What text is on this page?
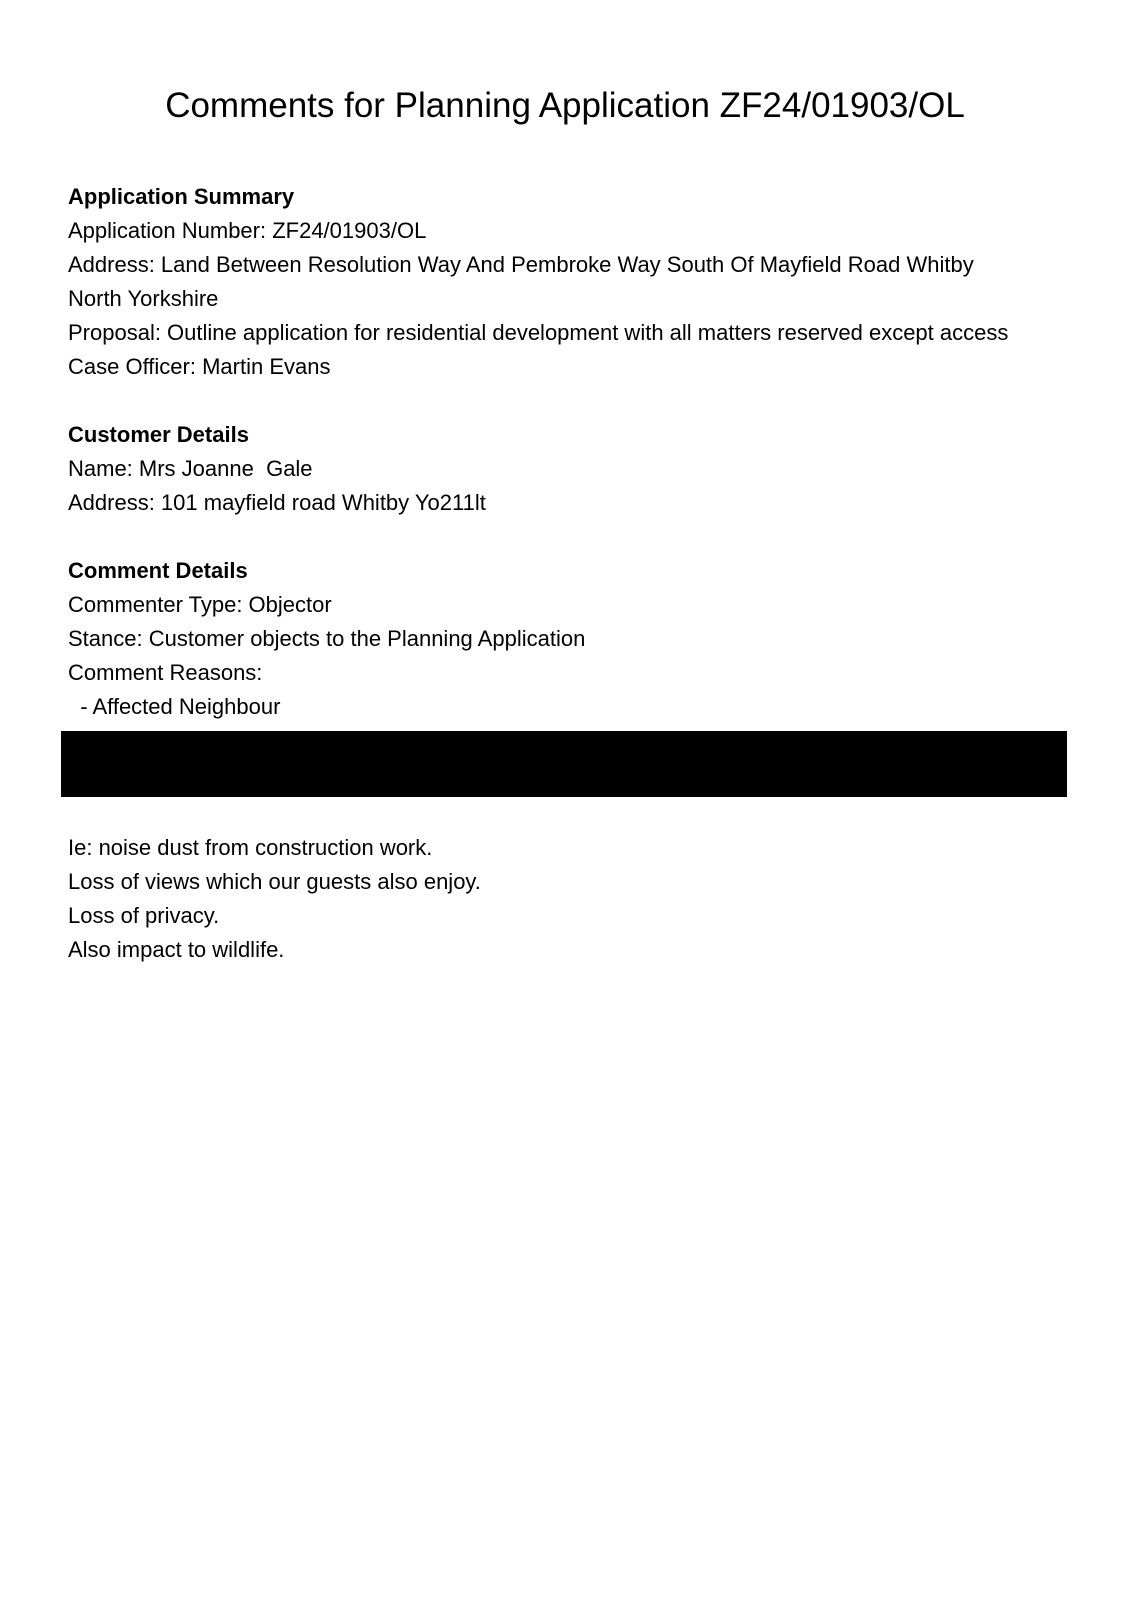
Comments for Planning Application ZF24/01903/OL

Application Summary

Application Number: ZF24/01903/OL

Address: Land Between Resolution Way And Pembroke Way South Of Mayfield Road Whitby

North Yorkshire

Proposal: Outline application for residential development with all matters reserved except access

Case Officer: Martin Evans

Customer Details

Name: Mrs Joanne  Gale

Address: 101 mayfield road Whitby Yo211lt

Comment Details

Commenter Type: Objector

Stance: Customer objects to the Planning Application

Comment Reasons:

- Affected Neighbour

Ie: noise dust from construction work.

Loss of views which our guests also enjoy.

Loss of privacy.

Also impact to wildlife.
